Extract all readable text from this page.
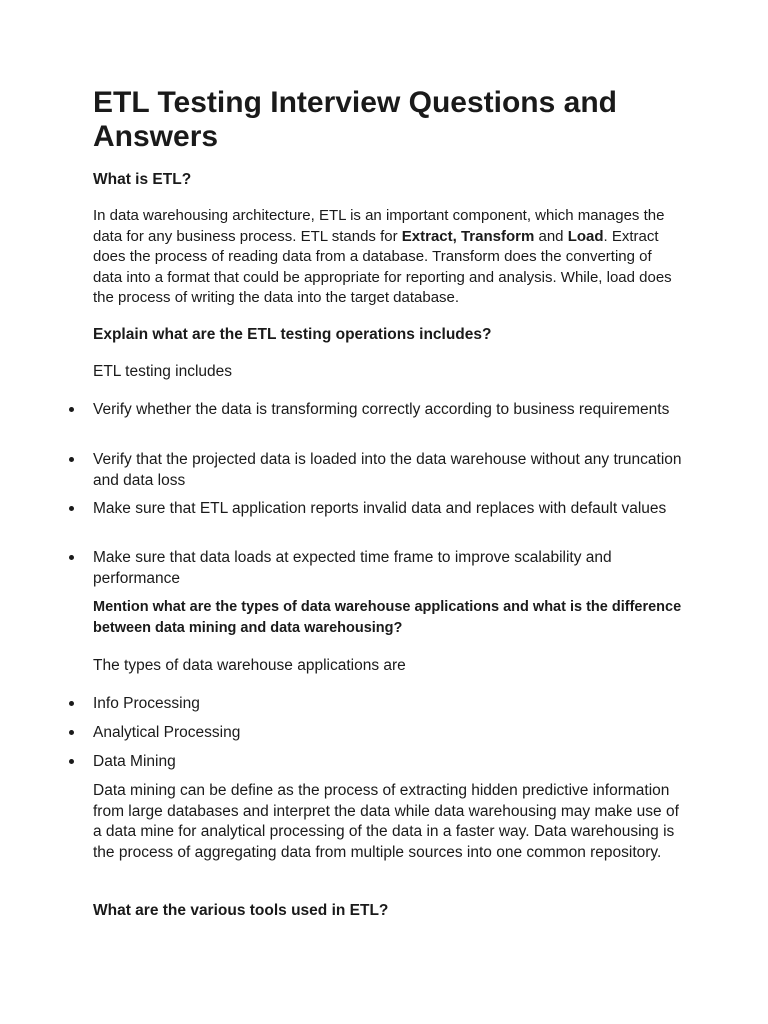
ETL Testing Interview Questions and Answers

What is ETL?

In data warehousing architecture, ETL is an important component, which manages the data for any business process. ETL stands for Extract, Transform and Load. Extract does the process of reading data from a database. Transform does the converting of data into a format that could be appropriate for reporting and analysis. While, load does the process of writing the data into the target database.

Explain what are the ETL testing operations includes?

ETL testing includes

Verify whether the data is transforming correctly according to business requirements

Verify that the projected data is loaded into the data warehouse without any truncation and data loss

Make sure that ETL application reports invalid data and replaces with default values

Make sure that data loads at expected time frame to improve scalability and performance

Mention what are the types of data warehouse applications and what is the difference between data mining and data warehousing?

The types of data warehouse applications are

Info Processing

Analytical Processing

Data Mining

Data mining can be define as the process of extracting hidden predictive information from large databases and interpret the data while data warehousing may make use of a data mine for analytical processing of the data in a faster way. Data warehousing is the process of aggregating data from multiple sources into one common repository.

What are the various tools used in ETL?
